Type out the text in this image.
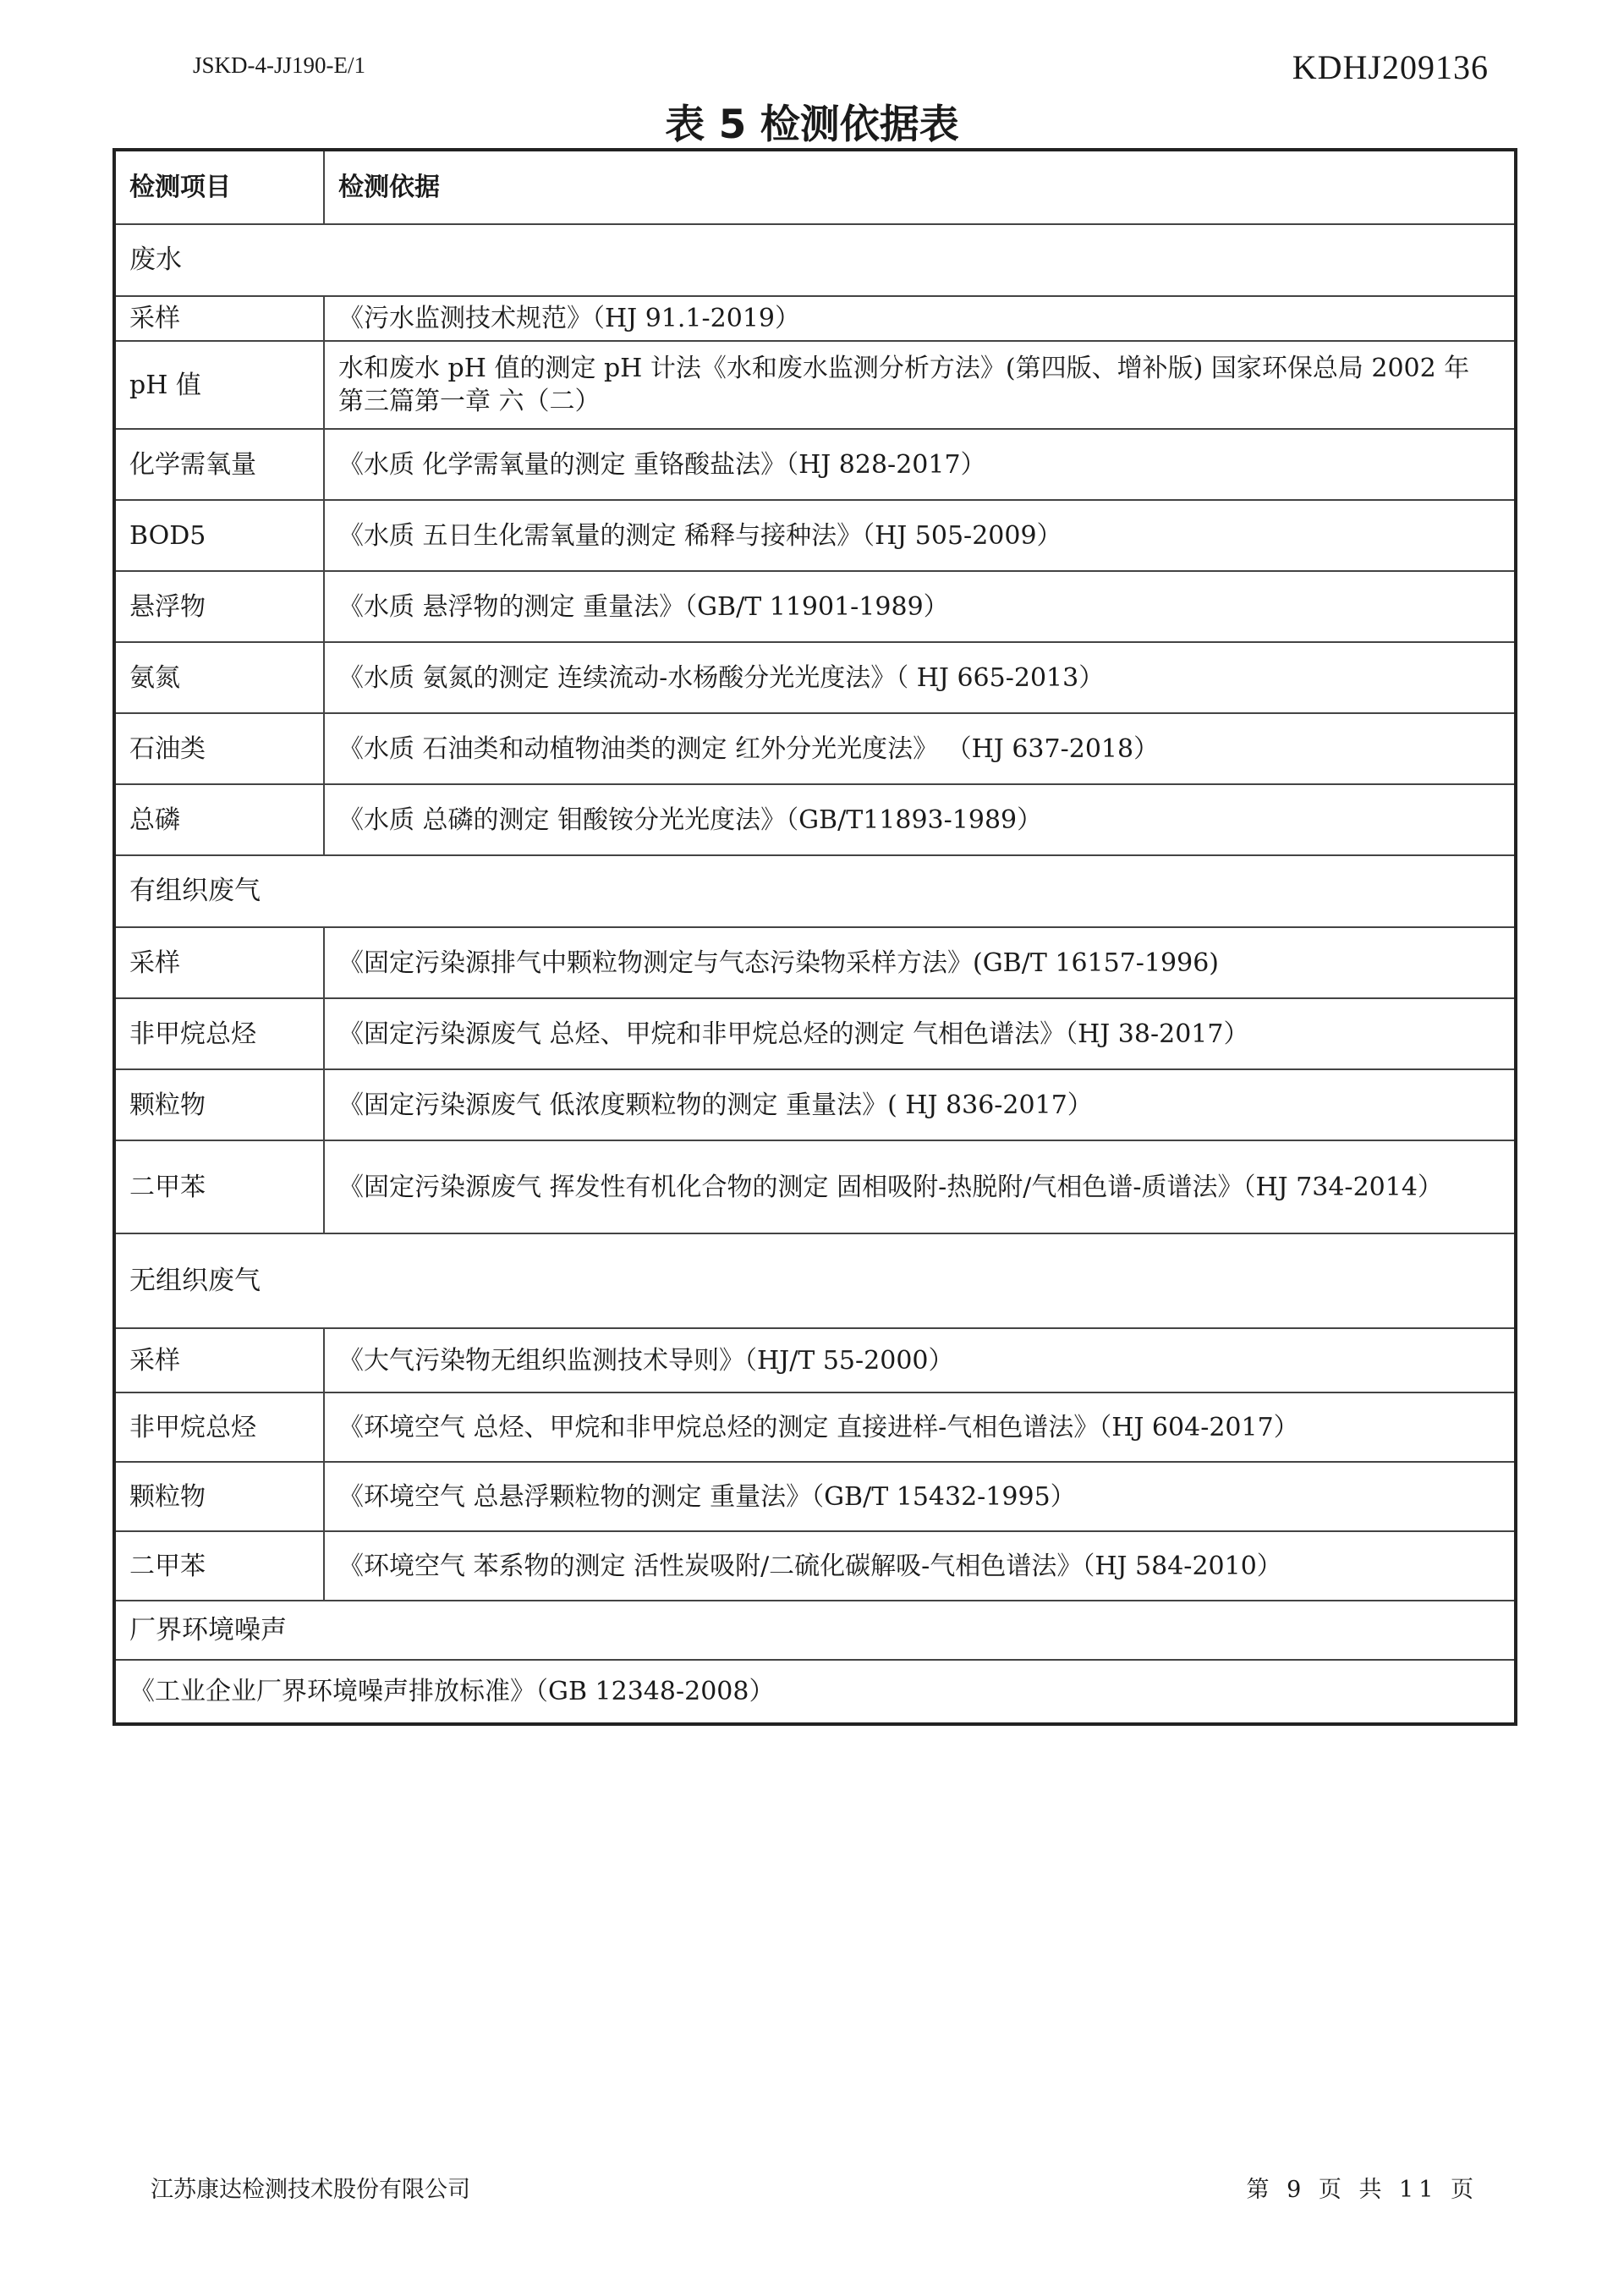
JSKD-4-JJ190-E/1	KDHJ209136
表 5 检测依据表
检测项目	检测依据
废水	
采样	《污水监测技术规范》（HJ 91.1-2019）
pH 值	水和废水 pH 值的测定 pH 计法《水和废水监测分析方法》(第四版、增补版) 国家环保总局 2002 年 第三篇第一章 六（二）
化学需氧量	《水质 化学需氧量的测定 重铬酸盐法》（HJ 828-2017）
BOD5	《水质 五日生化需氧量的测定 稀释与接种法》（HJ 505-2009）
悬浮物	《水质 悬浮物的测定 重量法》（GB/T 11901-1989）
氨氮	《水质 氨氮的测定 连续流动-水杨酸分光光度法》（ HJ 665-2013）
石油类	《水质 石油类和动植物油类的测定 红外分光光度法》 （HJ 637-2018）
总磷	《水质 总磷的测定 钼酸铵分光光度法》（GB/T11893-1989）
有组织废气	
采样	《固定污染源排气中颗粒物测定与气态污染物采样方法》(GB/T 16157-1996)
非甲烷总烃	《固定污染源废气 总烃、甲烷和非甲烷总烃的测定 气相色谱法》（HJ 38-2017）
颗粒物	《固定污染源废气 低浓度颗粒物的测定 重量法》( HJ 836-2017）
二甲苯	《固定污染源废气 挥发性有机化合物的测定 固相吸附-热脱附/气相色谱-质谱法》（HJ 734-2014）
无组织废气	
采样	《大气污染物无组织监测技术导则》（HJ/T 55-2000）
非甲烷总烃	《环境空气 总烃、甲烷和非甲烷总烃的测定 直接进样-气相色谱法》（HJ 604-2017）
颗粒物	《环境空气 总悬浮颗粒物的测定 重量法》（GB/T 15432-1995）
二甲苯	《环境空气 苯系物的测定 活性炭吸附/二硫化碳解吸-气相色谱法》（HJ 584-2010）
厂界环境噪声	
《工业企业厂界环境噪声排放标准》（GB 12348-2008）	
江苏康达检测技术股份有限公司	第 9 页 共 11 页
